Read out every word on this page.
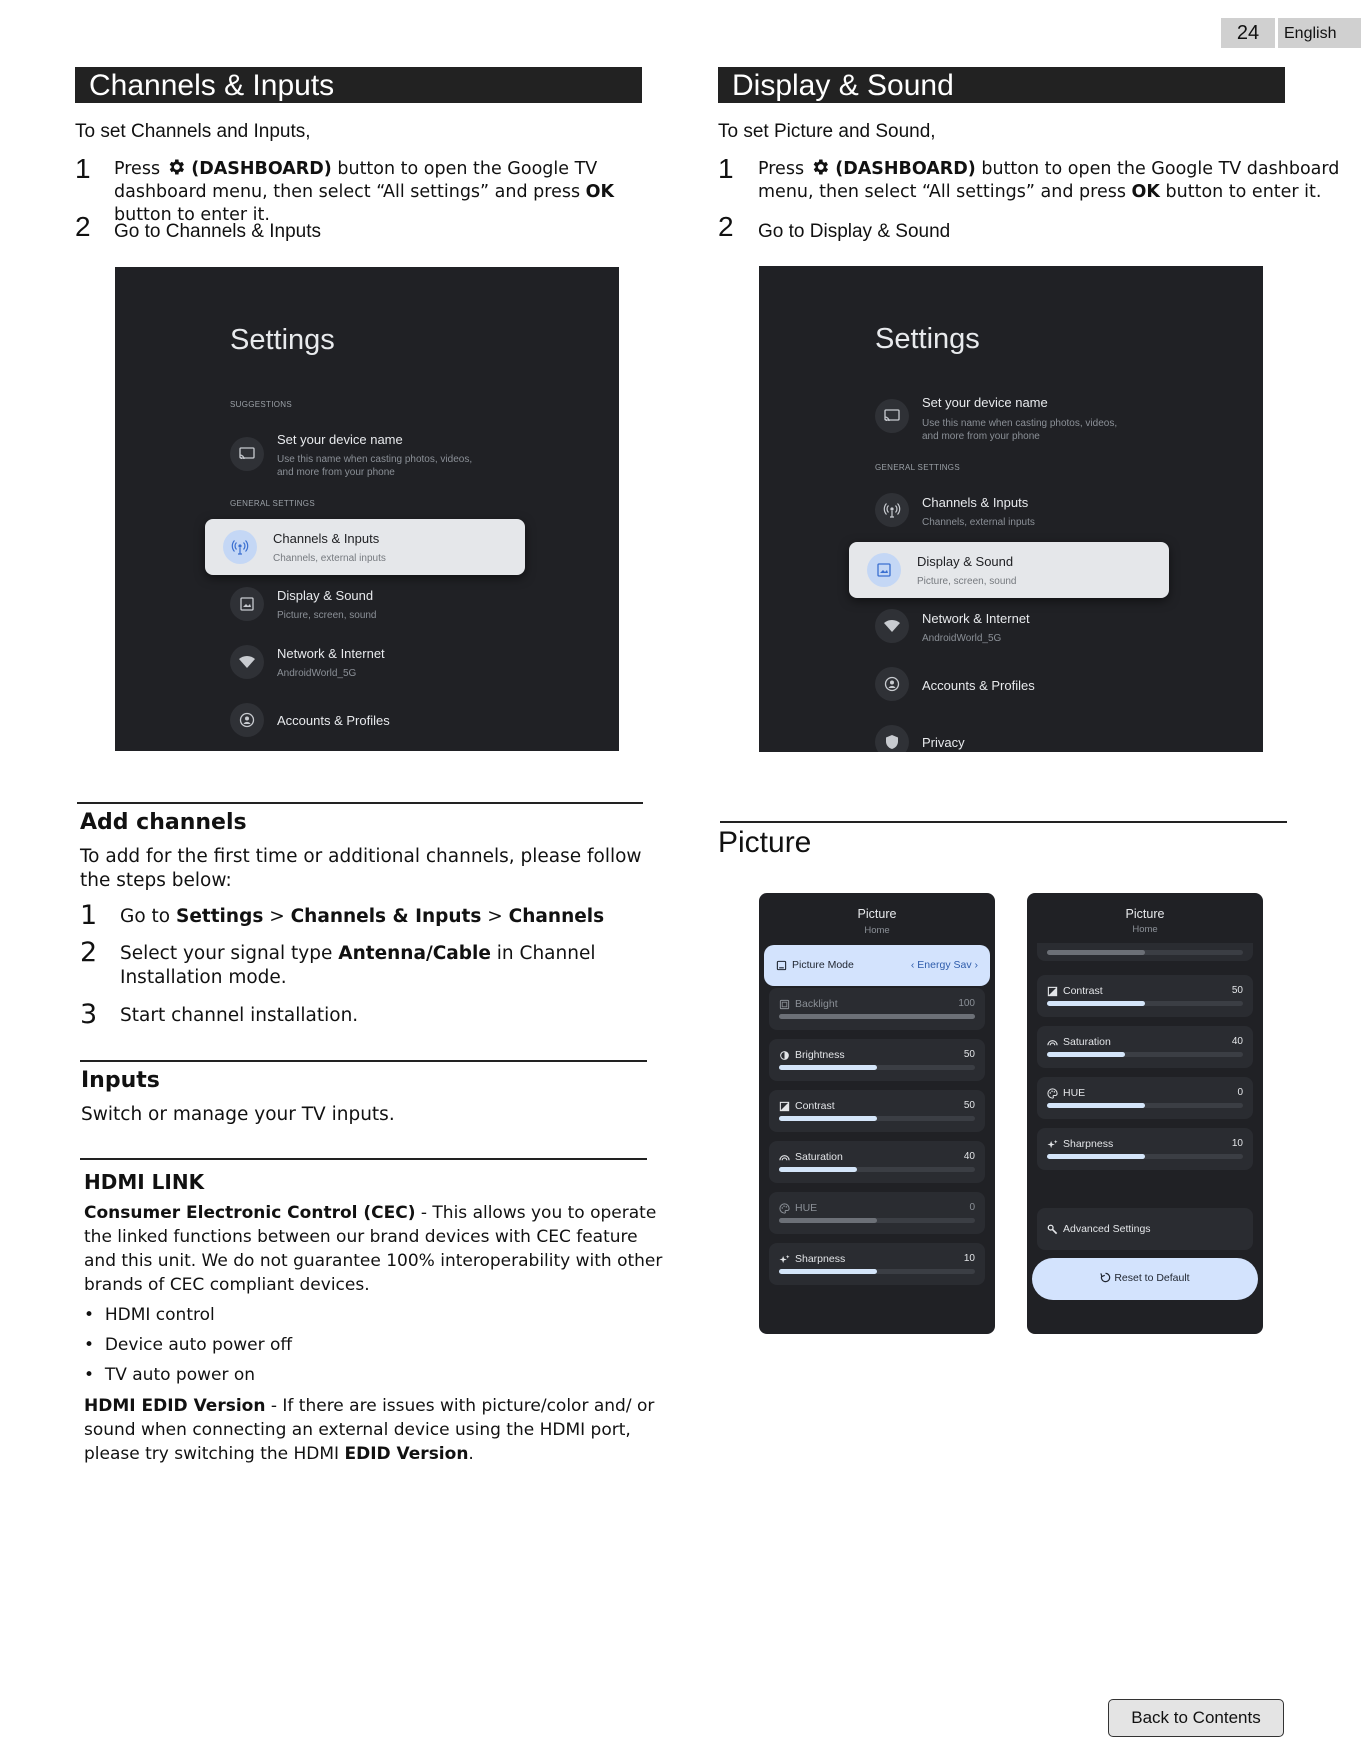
24	English
Channels & Inputs
To set Channels and Inputs,
1 Press  (DASHBOARD) button to open the Google TV dashboard menu, then select “All settings” and press OK button to enter it.
2 Go to Channels & Inputs
Settings
SUGGESTIONS
Set your device name
Use this name when casting photos, videos,
and more from your phone
GENERAL SETTINGS
Channels & Inputs
Channels, external inputs
Display & Sound
Picture, screen, sound
Network & Internet
AndroidWorld_5G
Accounts & Profiles
Display & Sound
To set Picture and Sound,
1 Press  (DASHBOARD) button to open the Google TV dashboard menu, then select “All settings” and press OK button to enter it.
2 Go to Display & Sound
Settings
Set your device name
Use this name when casting photos, videos,
and more from your phone
GENERAL SETTINGS
Channels & Inputs
Channels, external inputs
Display & Sound
Picture, screen, sound
Network & Internet
AndroidWorld_5G
Accounts & Profiles
Privacy
Add channels
To add for the first time or additional channels, please follow the steps below:
1 Go to Settings > Channels & Inputs > Channels
2 Select your signal type Antenna/Cable in Channel Installation mode.
3 Start channel installation.
Inputs
Switch or manage your TV inputs.
HDMI LINK
Consumer Electronic Control (CEC) - This allows you to operate the linked functions between our brand devices with CEC feature and this unit. We do not guarantee 100% interoperability with other brands of CEC compliant devices.
•  HDMI control
•  Device auto power off
•  TV auto power on
HDMI EDID Version - If there are issues with picture/color and/ or sound when connecting an external device using the HDMI port, please try switching the HDMI EDID Version.
Picture
Picture
Home
Picture Mode	‹ Energy Sav ›
Backlight	100
Brightness	50
Contrast	50
Saturation	40
HUE	0
Sharpness	10
Picture
Home
Contrast	50
Saturation	40
HUE	0
Sharpness	10
Advanced Settings
Reset to Default
Back to Contents
